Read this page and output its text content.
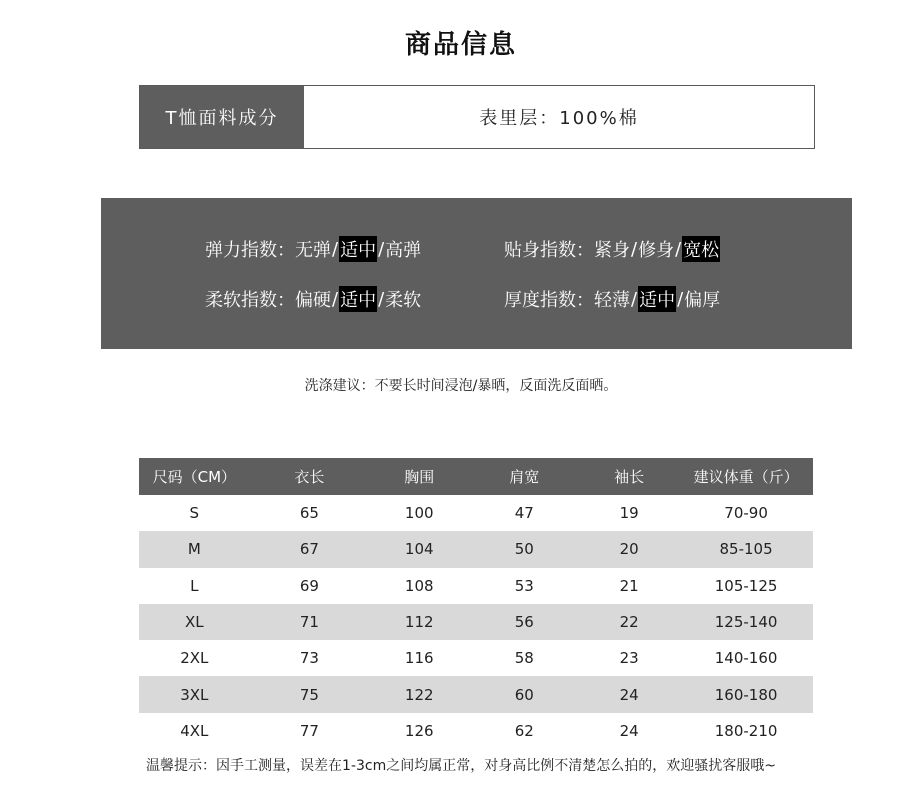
商品信息
T恤面料成分	表里层：100%棉
弹力指数： 无弹 / 适中 / 高弹	贴身指数： 紧身 / 修身 / 宽松
柔软指数： 偏硬 / 适中 / 柔软	厚度指数： 轻薄 / 适中 / 偏厚
洗涤建议：不要长时间浸泡/暴晒，反面洗反面晒。
尺码（CM）	衣长	胸围	肩宽	袖长	建议体重（斤）
S	65	100	47	19	70-90
M	67	104	50	20	85-105
L	69	108	53	21	105-125
XL	71	112	56	22	125-140
2XL	73	116	58	23	140-160
3XL	75	122	60	24	160-180
4XL	77	126	62	24	180-210
温馨提示：因手工测量，误差在1-3cm之间均属正常，对身高比例不清楚怎么拍的，欢迎骚扰客服哦~
